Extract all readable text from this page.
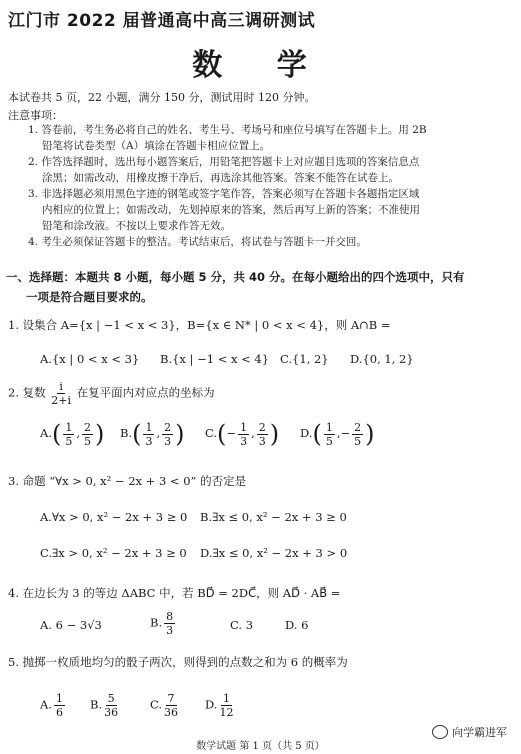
江门市 2022 届普通高中高三调研测试
数 学
本试卷共 5 页，22 小题，满分 150 分，测试用时 120 分钟。
注意事项：
1. 答卷前，考生务必将自己的姓名、考生号、考场号和座位号填写在答题卡上。用 2B
铅笔将试卷类型（A）填涂在答题卡相应位置上。
2. 作答选择题时，选出每小题答案后，用铅笔把答题卡上对应题目选项的答案信息点
涂黑；如需改动，用橡皮擦干净后，再选涂其他答案。答案不能答在试卷上。
3. 非选择题必须用黑色字迹的钢笔或签字笔作答，答案必须写在答题卡各题指定区域
内相应的位置上；如需改动，先划掉原来的答案，然后再写上新的答案；不准使用
铅笔和涂改液。不按以上要求作答无效。
4. 考生必须保证答题卡的整洁。考试结束后，将试卷与答题卡一并交回。
一、选择题：本题共 8 小题，每小题 5 分，共 40 分。在每小题给出的四个选项中，只有
一项是符合题目要求的。
1. 设集合 A={x | −1 < x < 3}，B={x ∈ N* | 0 < x < 4}，则 A∩B =
A.{x | 0 < x < 3} B.{x | −1 < x < 4} C.{1, 2} D.{0, 1, 2}
2. 复数 $\frac{i}{2+i}$ 在复平面内对应点的坐标为
$A.( \frac{1}{5}$ , $\frac{2}{5}$ ) $B.( \frac{1}{3}$ , $\frac{2}{3}$ ) $C.(- \frac{1}{3}$ , $\frac{2}{3}$ ) $D.( \frac{1}{5}$ ,− $\frac{2}{5}$ )
3. 命题 “∀x > 0, x² − 2x + 3 < 0” 的否定是
A.∀x > 0, x² − 2x + 3 ≥ 0 B.∃x ≤ 0, x² − 2x + 3 ≥ 0
C.∃x > 0, x² − 2x + 3 ≥ 0 D.∃x ≤ 0, x² − 2x + 3 > 0
4. 在边长为 3 的等边 ΔABC 中，若 BD⃗ = 2DC⃗，则 AD⃗ · AB⃗ =
A. 6 − 3√3	B. $\frac{8}{3}$	C. 3	D. 6
5. 抛掷一枚质地均匀的骰子两次，则得到的点数之和为 6 的概率为
A. $\frac{1}{6} B$. $\frac{5}{36}$	C. $\frac{7}{36} D$. $\frac{1}{12}$
数学试题 第 1 页（共 5 页）
向学霸进军
